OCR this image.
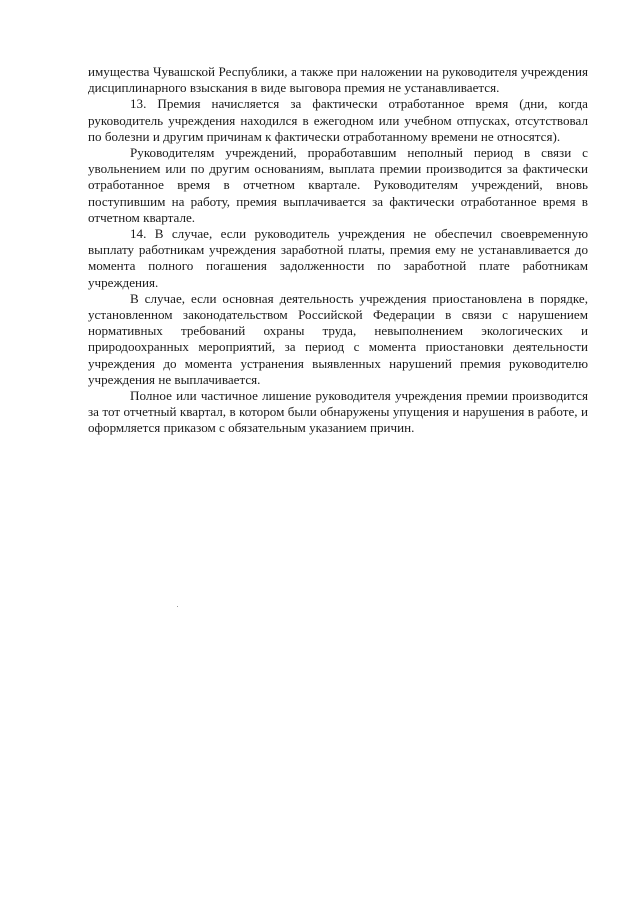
имущества Чувашской Республики, а также при наложении на руководителя учреждения дисциплинарного взыскания в виде выговора премия не устанавливается.

13. Премия начисляется за фактически отработанное время (дни, когда руководитель учреждения находился в ежегодном или учебном отпусках, отсутствовал по болезни и другим причинам к фактически отработанному времени не относятся).

Руководителям учреждений, проработавшим неполный период в связи с увольнением или по другим основаниям, выплата премии производится за фактически отработанное время в отчетном квартале. Руководителям учреждений, вновь поступившим на работу, премия выплачивается за фактически отработанное время в отчетном квартале.

14. В случае, если руководитель учреждения не обеспечил своевременную выплату работникам учреждения заработной платы, премия ему не устанавливается до момента полного погашения задолженности по заработной плате работникам учреждения.

В случае, если основная деятельность учреждения приостановлена в порядке, установленном законодательством Российской Федерации в связи с нарушением нормативных требований охраны труда, невыполнением экологических и природоохранных мероприятий, за период с момента приостановки деятельности учреждения до момента устранения выявленных нарушений премия руководителю учреждения не выплачивается.

Полное или частичное лишение руководителя учреждения премии производится за тот отчетный квартал, в котором были обнаружены упущения и нарушения в работе, и оформляется приказом с обязательным указанием причин.
